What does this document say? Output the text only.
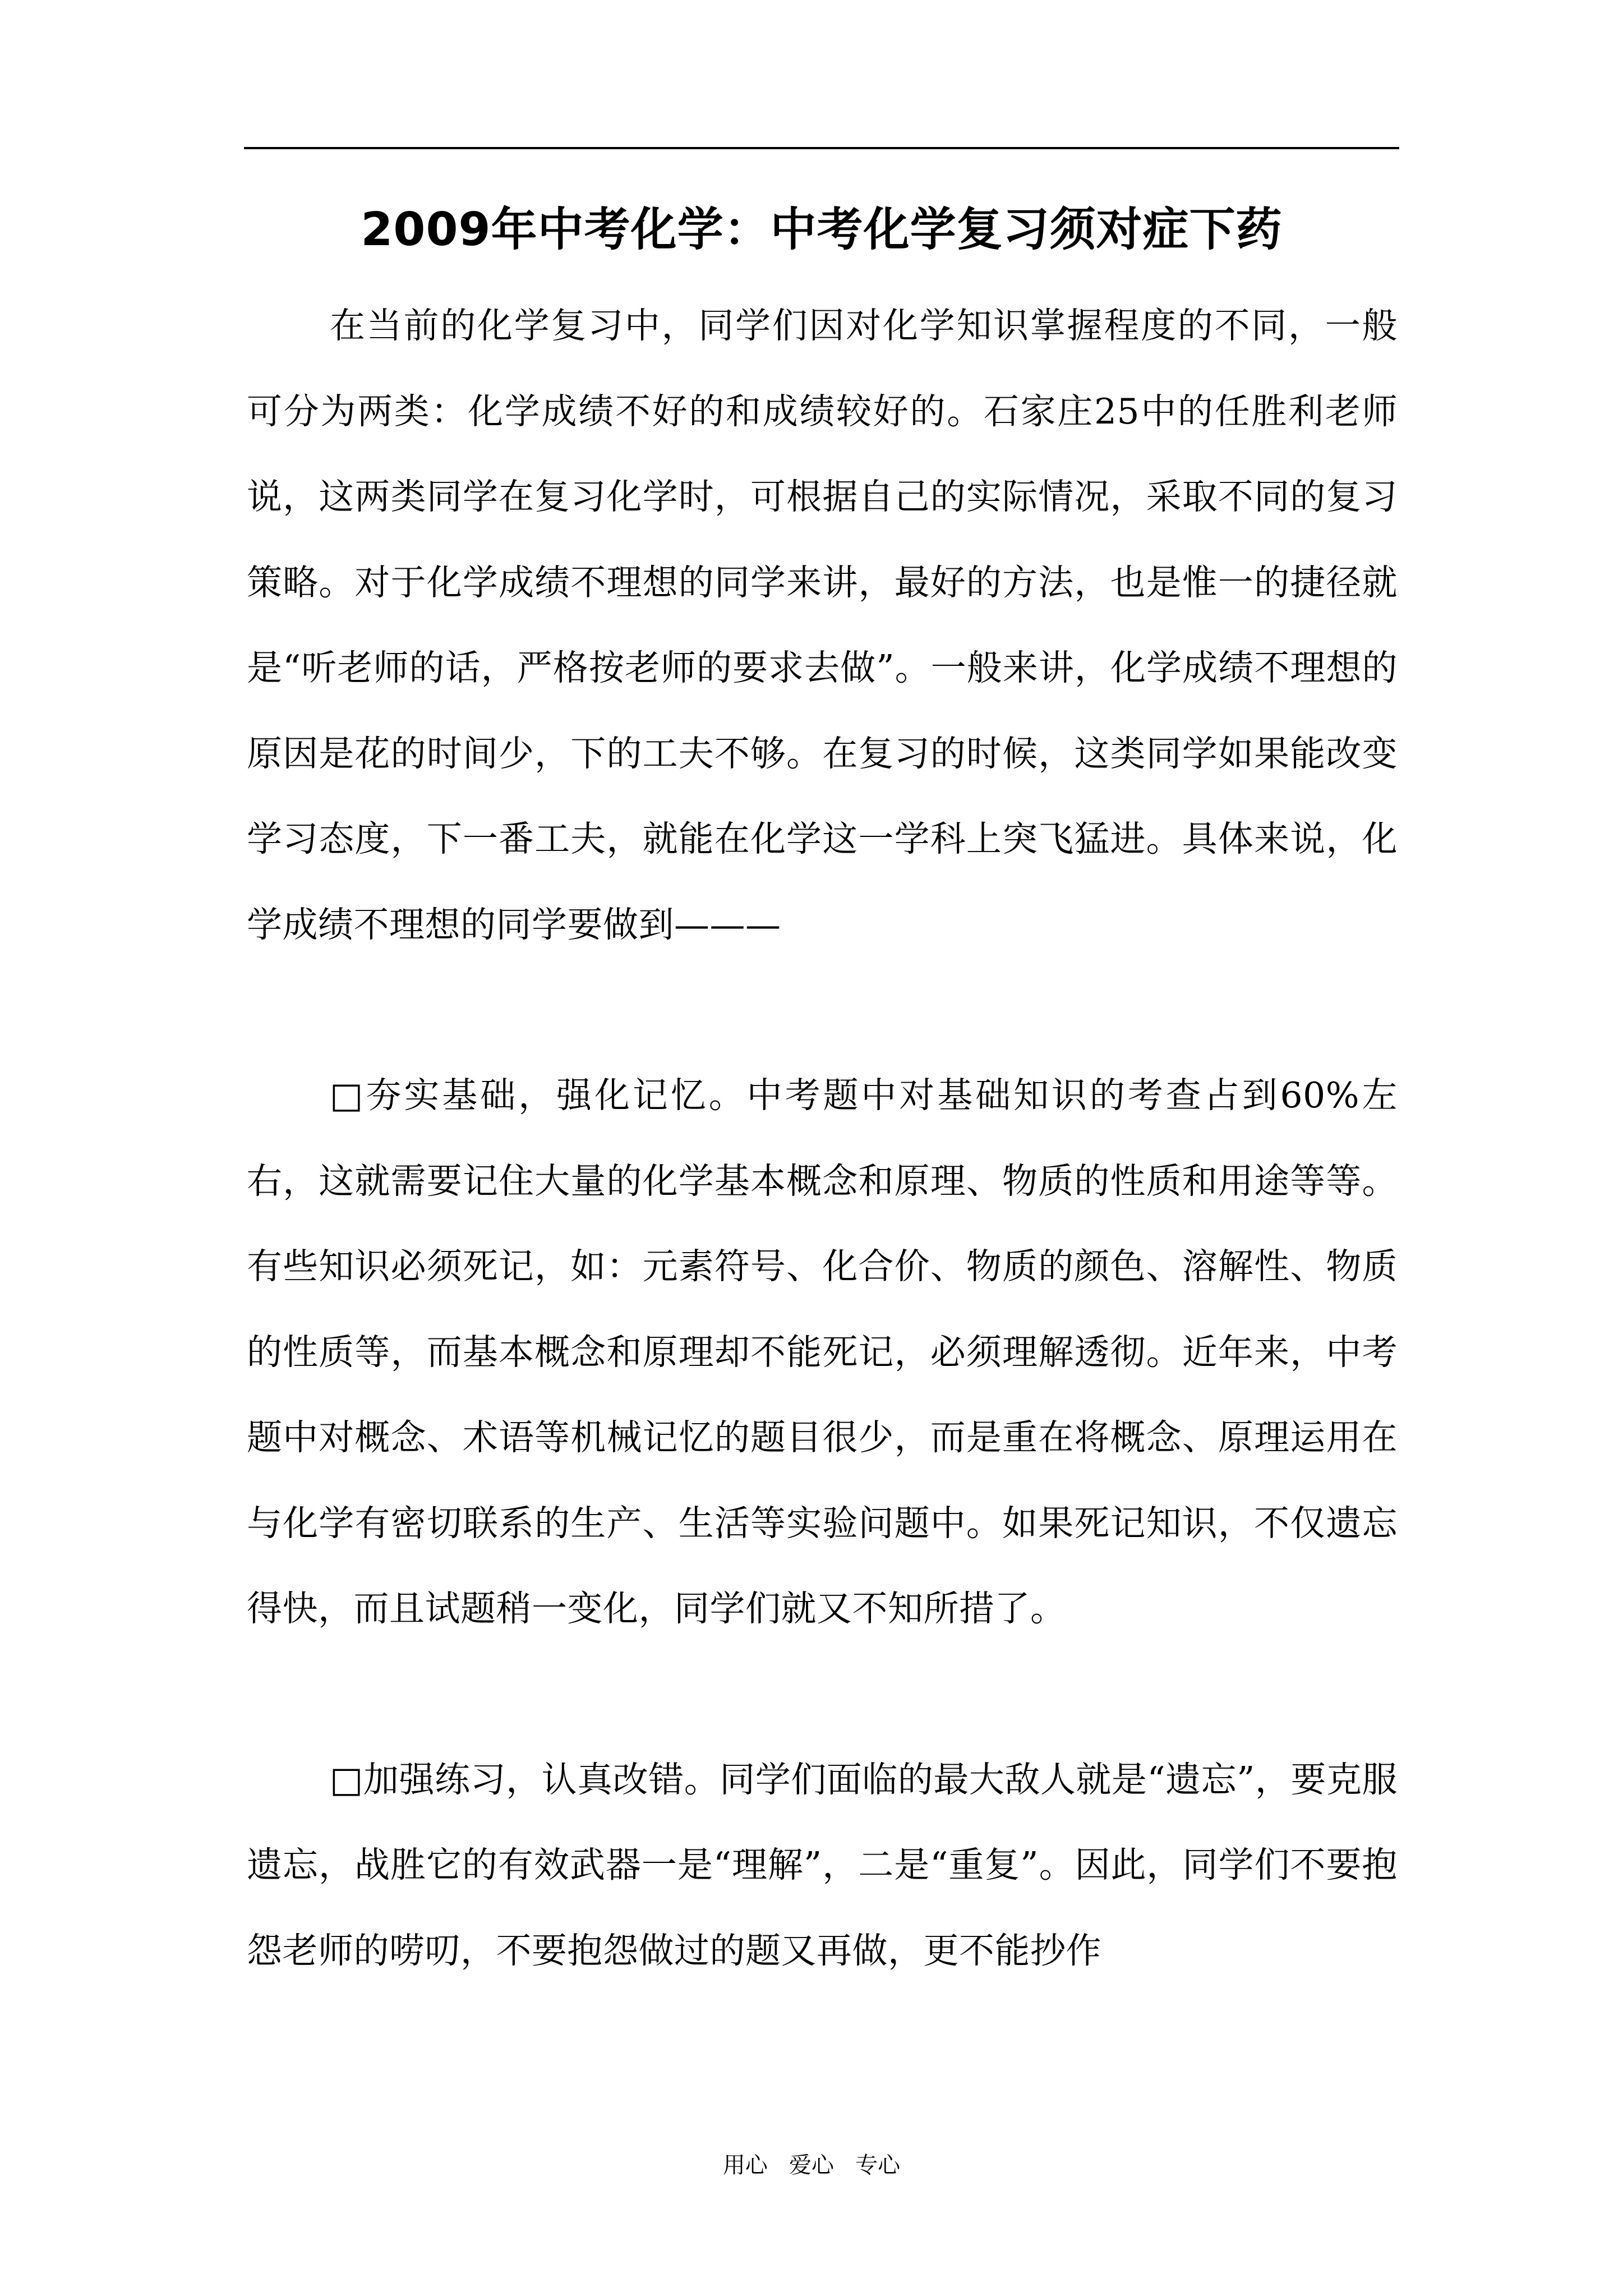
2009年中考化学：中考化学复习须对症下药

在当前的化学复习中，同学们因对化学知识掌握程度的不同，一般可分为两类：化学成绩不好的和成绩较好的。石家庄25中的任胜利老师说，这两类同学在复习化学时，可根据自己的实际情况，采取不同的复习策略。对于化学成绩不理想的同学来讲，最好的方法，也是惟一的捷径就是“听老师的话，严格按老师的要求去做”。一般来讲，化学成绩不理想的原因是花的时间少，下的工夫不够。在复习的时候，这类同学如果能改变学习态度，下一番工夫，就能在化学这一学科上突飞猛进。具体来说，化学成绩不理想的同学要做到———

□夯实基础，强化记忆。中考题中对基础知识的考查占到60%左右，这就需要记住大量的化学基本概念和原理、物质的性质和用途等等。有些知识必须死记，如：元素符号、化合价、物质的颜色、溶解性、物质的性质等，而基本概念和原理却不能死记，必须理解透彻。近年来，中考题中对概念、术语等机械记忆的题目很少，而是重在将概念、原理运用在与化学有密切联系的生产、生活等实验问题中。如果死记知识，不仅遗忘得快，而且试题稍一变化，同学们就又不知所措了。

□加强练习，认真改错。同学们面临的最大敌人就是“遗忘”，要克服遗忘，战胜它的有效武器一是“理解”，二是“重复”。因此，同学们不要抱怨老师的唠叨，不要抱怨做过的题又再做，更不能抄作

用心   爱心   专心
